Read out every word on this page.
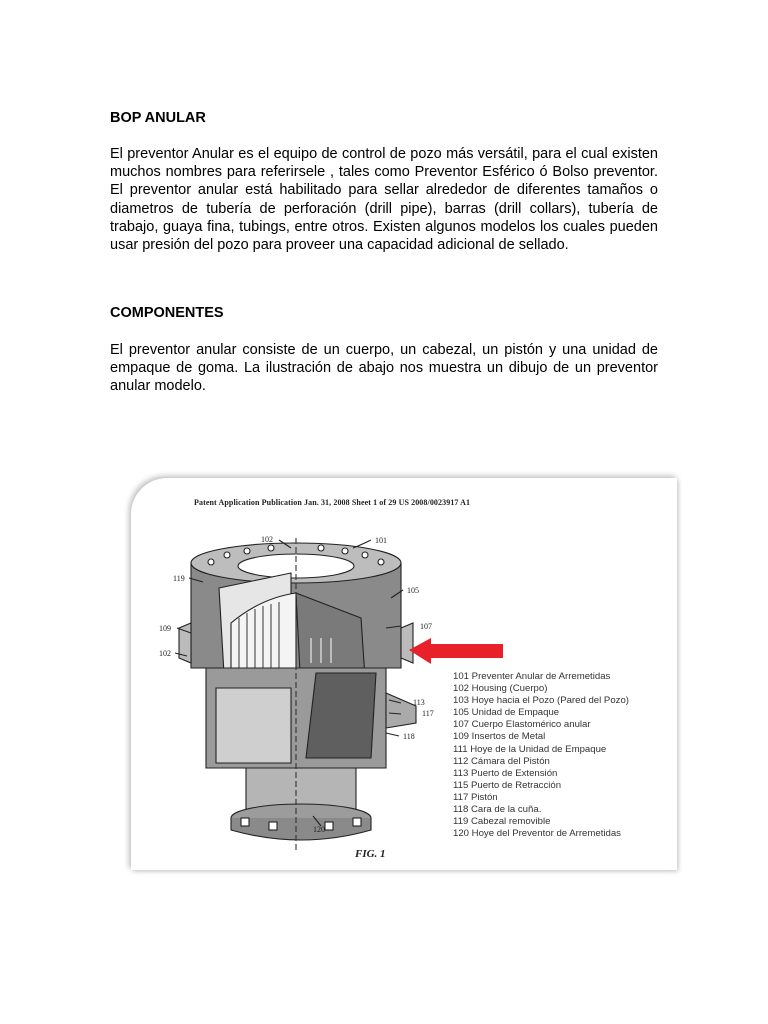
BOP ANULAR

El preventor Anular es el equipo de control de pozo más versátil, para el cual existen muchos nombres para referirsele , tales como Preventor Esférico ó Bolso preventor. El preventor anular está habilitado para sellar alrededor de diferentes tamaños o diametros de tubería de perforación (drill pipe), barras (drill collars), tubería de trabajo, guaya fina, tubings, entre otros. Existen algunos modelos los cuales pueden usar presión del pozo para proveer una capacidad adicional de sellado.

COMPONENTES

El preventor anular consiste de un cuerpo, un cabezal, un pistón y una unidad de empaque de goma. La ilustración de abajo nos muestra un dibujo de un preventor anular modelo.

Patent Application Publication Jan. 31, 2008 Sheet 1 of 29 US 2008/0023917 A1
102	101
119
105
109	107
102
113
117
118
120
101 Preventer Anular de Arremetidas
102 Housing (Cuerpo)
103 Hoye hacia el Pozo (Pared del Pozo)
105 Unidad de Empaque
107 Cuerpo Elastomérico anular
109 Insertos de Metal
111 Hoye de la Unidad de Empaque
112 Cámara del Pistón
113 Puerto de Extensión
115 Puerto de Retracción
117 Pistón
118 Cara de la cuña.
119 Cabezal removible
120 Hoye del Preventor de Arremetidas
FIG. 1
